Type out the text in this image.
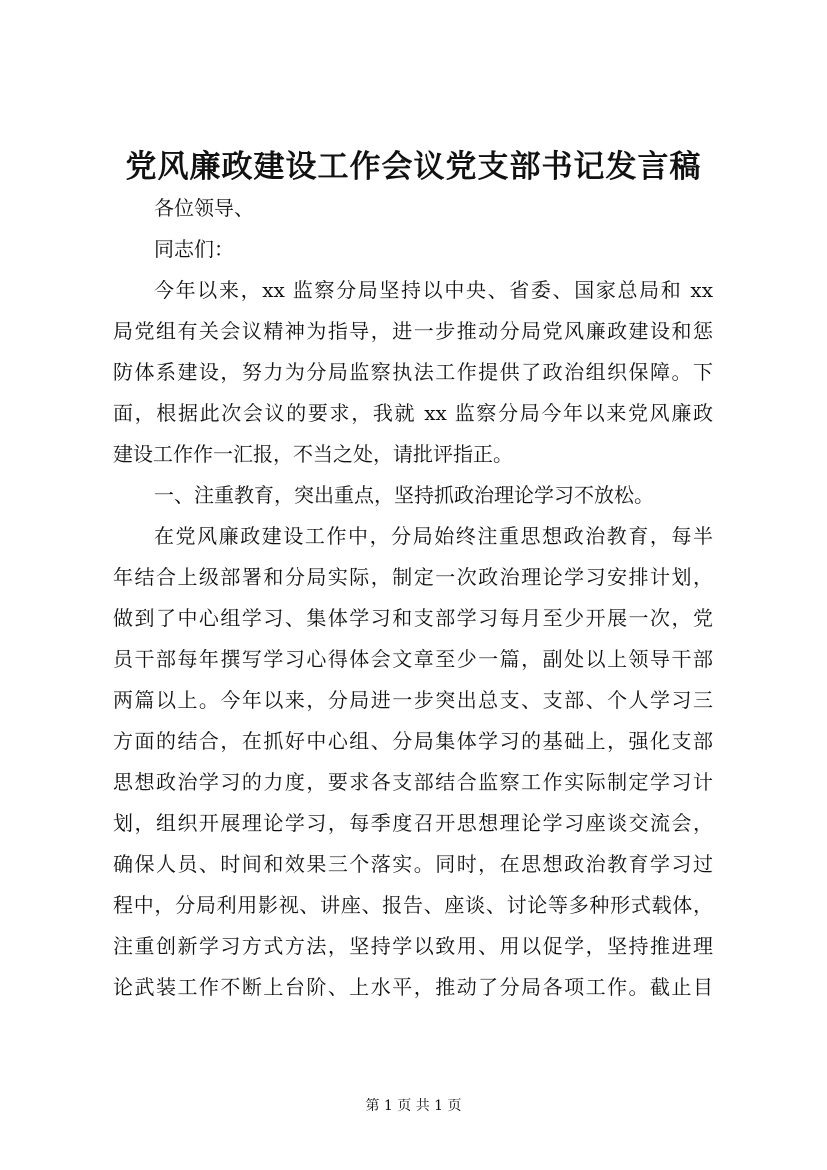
党风廉政建设工作会议党支部书记发言稿
各位领导、
同志们：
今年以来，xx 监察分局坚持以中央、省委、国家总局和 xx
局党组有关会议精神为指导，进一步推动分局党风廉政建设和惩
防体系建设，努力为分局监察执法工作提供了政治组织保障。下
面，根据此次会议的要求，我就 xx 监察分局今年以来党风廉政
建设工作作一汇报，不当之处，请批评指正。
一、注重教育，突出重点，坚持抓政治理论学习不放松。
在党风廉政建设工作中，分局始终注重思想政治教育，每半
年结合上级部署和分局实际，制定一次政治理论学习安排计划，
做到了中心组学习、集体学习和支部学习每月至少开展一次，党
员干部每年撰写学习心得体会文章至少一篇，副处以上领导干部
两篇以上。今年以来，分局进一步突出总支、支部、个人学习三
方面的结合，在抓好中心组、分局集体学习的基础上，强化支部
思想政治学习的力度，要求各支部结合监察工作实际制定学习计
划，组织开展理论学习，每季度召开思想理论学习座谈交流会，
确保人员、时间和效果三个落实。同时，在思想政治教育学习过
程中，分局利用影视、讲座、报告、座谈、讨论等多种形式载体，
注重创新学习方式方法，坚持学以致用、用以促学，坚持推进理
论武装工作不断上台阶、上水平，推动了分局各项工作。截止目
第 1 页 共 1 页
